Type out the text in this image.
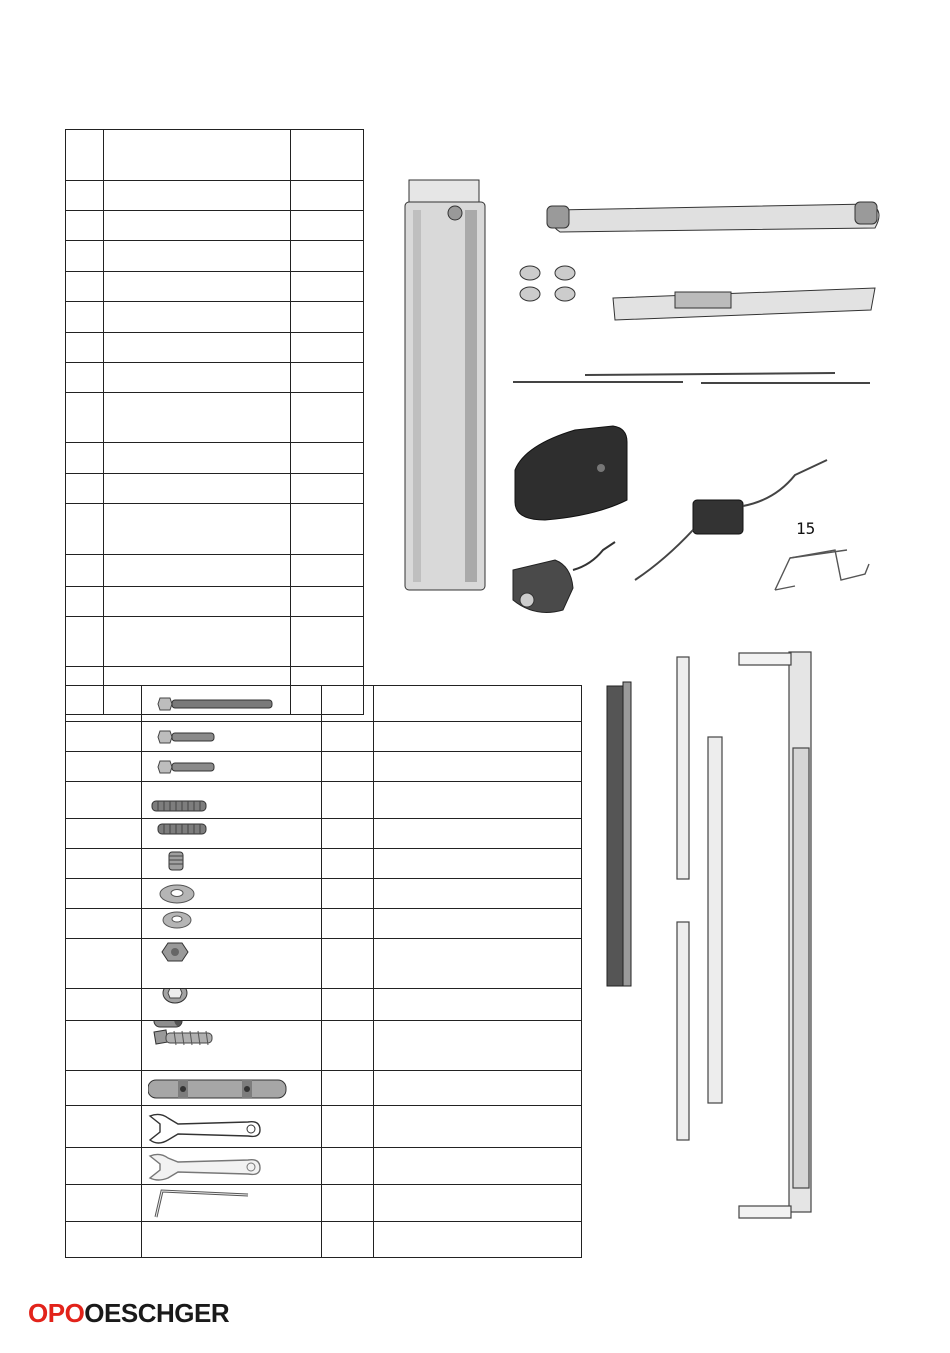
15
OPOOESCHGER
